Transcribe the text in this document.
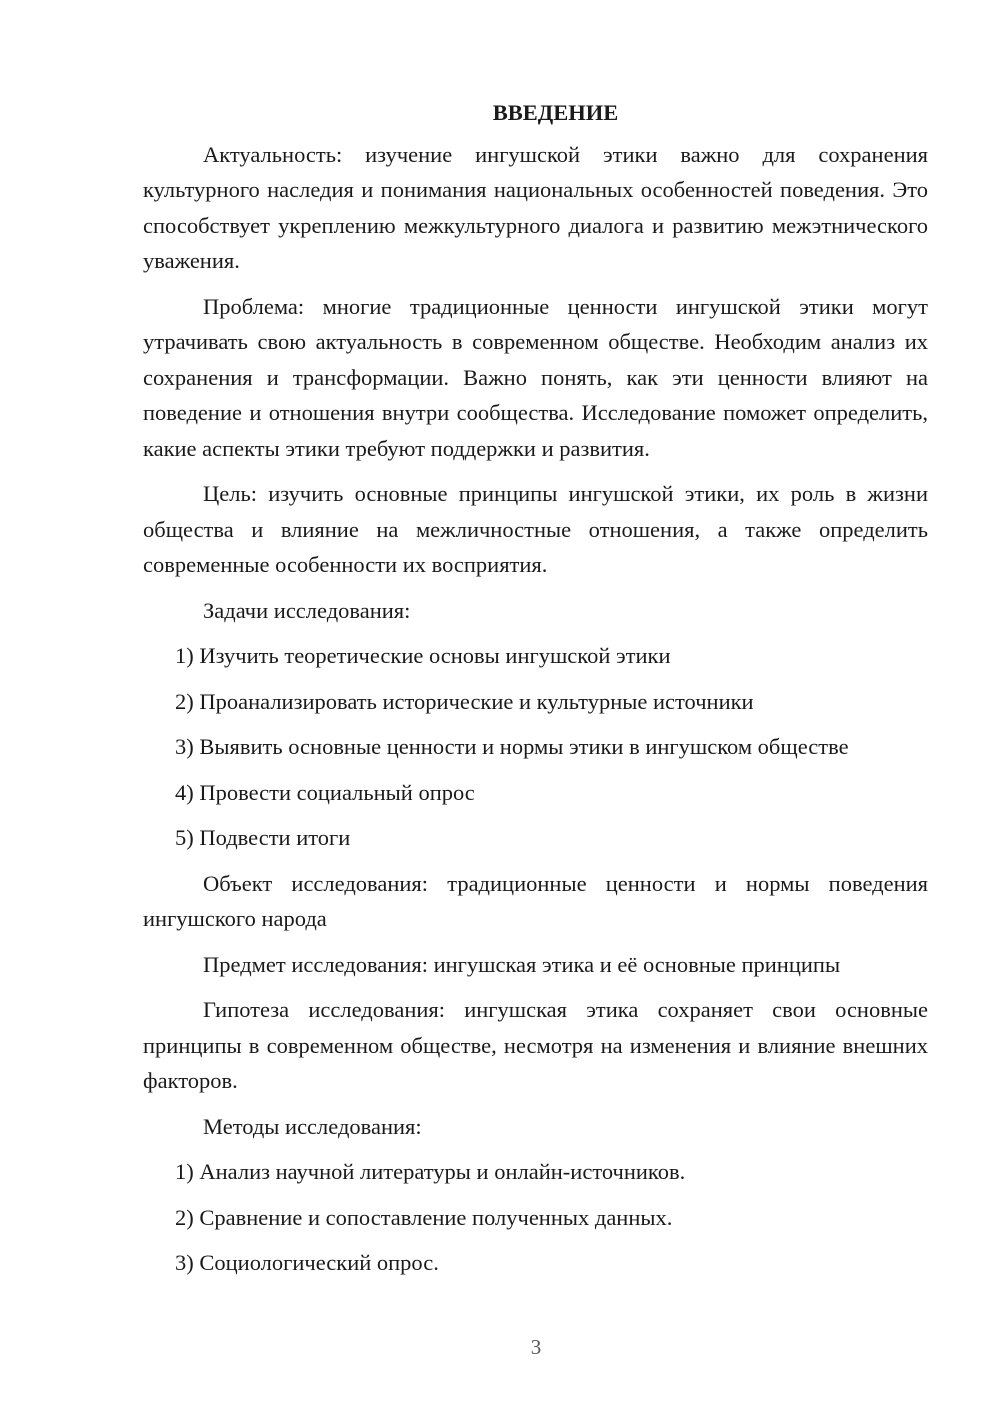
ВВЕДЕНИЕ

Актуальность: изучение ингушской этики важно для сохранения культурного наследия и понимания национальных особенностей поведения. Это способствует укреплению межкультурного диалога и развитию межэтнического уважения.

Проблема: многие традиционные ценности ингушской этики могут утрачивать свою актуальность в современном обществе. Необходим анализ их сохранения и трансформации. Важно понять, как эти ценности влияют на поведение и отношения внутри сообщества. Исследование поможет определить, какие аспекты этики требуют поддержки и развития.

Цель: изучить основные принципы ингушской этики, их роль в жизни общества и влияние на межличностные отношения, а также определить современные особенности их восприятия.

Задачи исследования:

1) Изучить теоретические основы ингушской этики
2) Проанализировать исторические и культурные источники
3) Выявить основные ценности и нормы этики в ингушском обществе
4) Провести социальный опрос
5) Подвести итоги

Объект исследования: традиционные ценности и нормы поведения ингушского народа

Предмет исследования: ингушская этика и её основные принципы

Гипотеза исследования: ингушская этика сохраняет свои основные принципы в современном обществе, несмотря на изменения и влияние внешних факторов.

Методы исследования:

1) Анализ научной литературы и онлайн-источников.
2) Сравнение и сопоставление полученных данных.
3) Социологический опрос.
3
